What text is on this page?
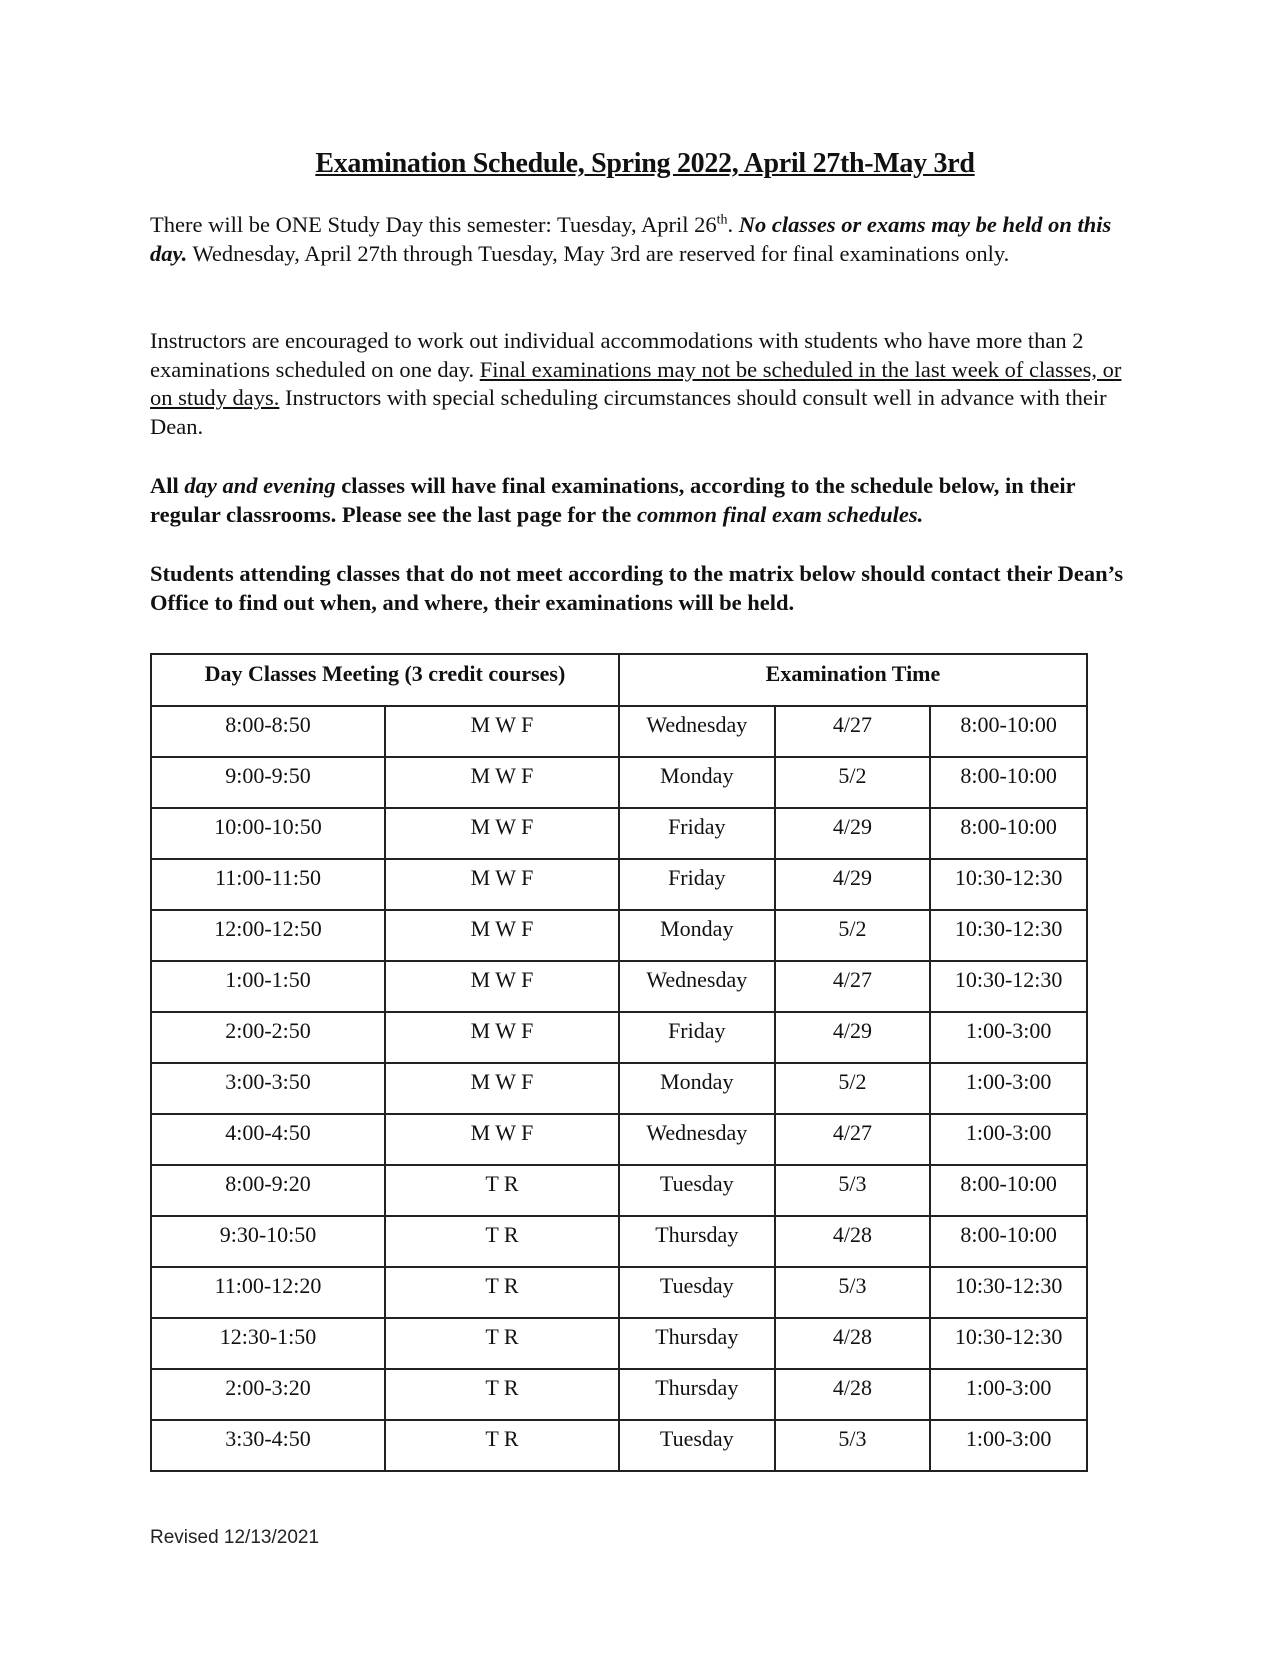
Examination Schedule, Spring 2022, April 27th-May 3rd

There will be ONE Study Day this semester: Tuesday, April 26th. No classes or exams may be held on this day. Wednesday, April 27th through Tuesday, May 3rd are reserved for final examinations only.

Instructors are encouraged to work out individual accommodations with students who have more than 2 examinations scheduled on one day. Final examinations may not be scheduled in the last week of classes, or on study days. Instructors with special scheduling circumstances should consult well in advance with their Dean.

All day and evening classes will have final examinations, according to the schedule below, in their regular classrooms. Please see the last page for the common final exam schedules.

Students attending classes that do not meet according to the matrix below should contact their Dean’s Office to find out when, and where, their examinations will be held.

Day Classes Meeting (3 credit courses)		Examination Time		
8:00-8:50	M W F	Wednesday	4/27	8:00-10:00
9:00-9:50	M W F	Monday	5/2	8:00-10:00
10:00-10:50	M W F	Friday	4/29	8:00-10:00
11:00-11:50	M W F	Friday	4/29	10:30-12:30
12:00-12:50	M W F	Monday	5/2	10:30-12:30
1:00-1:50	M W F	Wednesday	4/27	10:30-12:30
2:00-2:50	M W F	Friday	4/29	1:00-3:00
3:00-3:50	M W F	Monday	5/2	1:00-3:00
4:00-4:50	M W F	Wednesday	4/27	1:00-3:00
8:00-9:20	T R	Tuesday	5/3	8:00-10:00
9:30-10:50	T R	Thursday	4/28	8:00-10:00
11:00-12:20	T R	Tuesday	5/3	10:30-12:30
12:30-1:50	T R	Thursday	4/28	10:30-12:30
2:00-3:20	T R	Thursday	4/28	1:00-3:00
3:30-4:50	T R	Tuesday	5/3	1:00-3:00
Revised 12/13/2021
